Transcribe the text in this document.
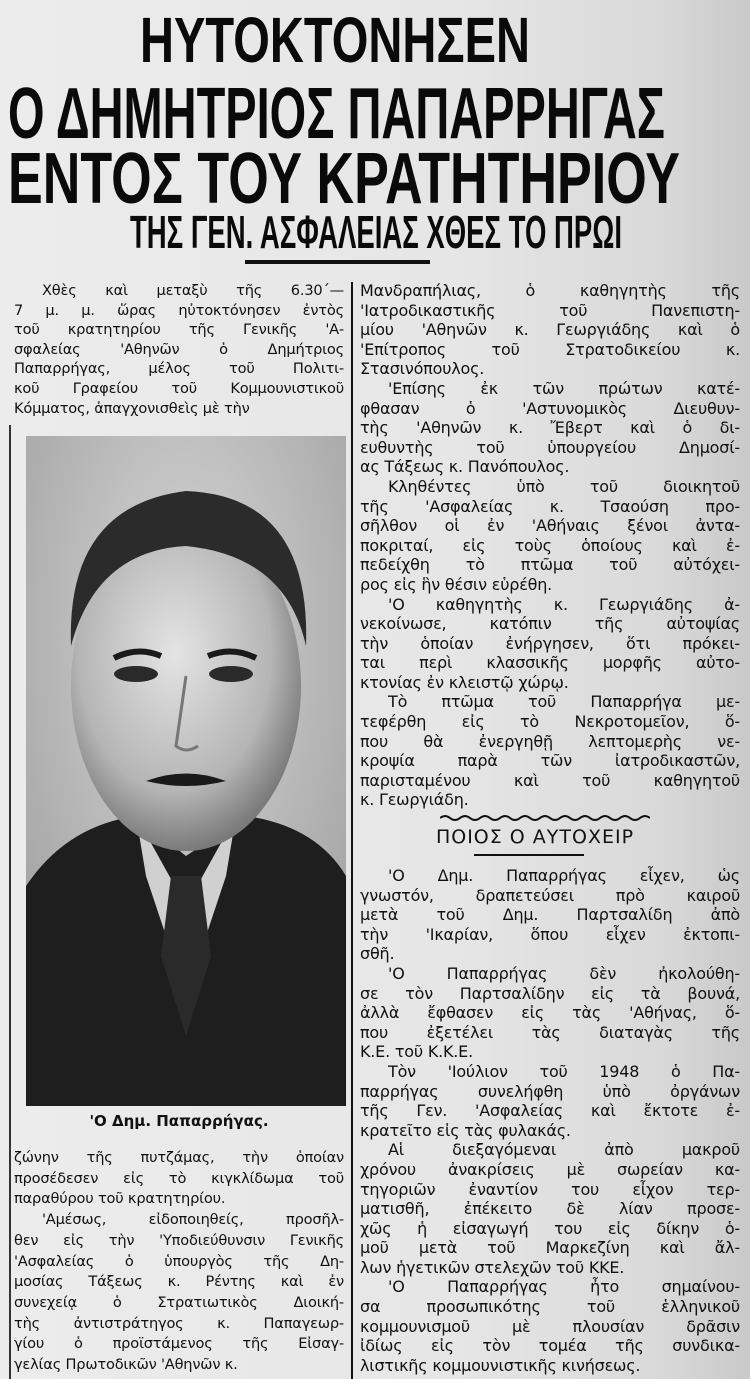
ΗΥΤΟΚΤΟΝΗΣΕΝ
Ο ΔΗΜΗΤΡΙΟΣ ΠΑΠΑΡΡΗΓΑΣ
ΕΝΤΟΣ ΤΟΥ ΚΡΑΤΗΤΗΡΙΟΥ
ΤΗΣ ΓΕΝ. ΑΣΦΑΛΕΙΑΣ ΧΘΕΣ ΤΟ ΠΡΩΙ
Χθὲς καὶ μεταξὺ τῆς 6.30΄—
7 μ. μ. ὥρας ηὐτοκτόνησεν ἐντὸς
τοῦ κρατητηρίου τῆς Γενικῆς 'Α-
σφαλείας 'Αθηνῶν ὁ Δημήτριος
Παπαρρήγας, μέλος τοῦ Πολιτι-
κοῦ Γραφείου τοῦ Κομμουνιστικοῦ
Κόμματος, ἀπαγχονισθεὶς μὲ τὴν
'Ο Δημ. Παπαρρήγας.
ζώνην τῆς πυτζάμας, τὴν ὁποίαν
προσέδεσεν εἰς τὸ κιγκλίδωμα τοῦ
παραθύρου τοῦ κρατητηρίου.
'Αμέσως, εἰδοποιηθείς, προσῆλ-
θεν εἰς τὴν 'Υποδιεύθυνσιν Γενικῆς
'Ασφαλείας ὁ ὑπουργὸς τῆς Δη-
μοσίας Τάξεως κ. Ρέντης καὶ ἐν
συνεχείᾳ ὁ Στρατιωτικὸς Διοική-
τὴς ἀντιστράτηγος κ. Παπαγεωρ-
γίου ὁ προϊστάμενος τῆς Εἰσαγ-
γελίας Πρωτοδικῶν 'Αθηνῶν κ.
Μανδραπήλιας, ὁ καθηγητὴς τῆς
'Ιατροδικαστικῆς τοῦ Πανεπιστη-
μίου 'Αθηνῶν κ. Γεωργιάδης καὶ ὁ
'Επίτροπος τοῦ Στρατοδικείου κ.
Στασινόπουλος.
'Επίσης ἐκ τῶν πρώτων κατέ-
φθασαν ὁ 'Αστυνομικὸς Διευθυν-
τὴς 'Αθηνῶν κ. Ἔβερτ καὶ ὁ δι-
ευθυντὴς τοῦ ὑπουργείου Δημοσί-
ας Τάξεως κ. Πανόπουλος.
Κληθέντες ὑπὸ τοῦ διοικητοῦ
τῆς 'Ασφαλείας κ. Τσαούση προ-
σῆλθον οἱ ἐν 'Αθήναις ξένοι ἀντα-
ποκριταί, εἰς τοὺς ὁποίους καὶ ἐ-
πεδείχθη τὸ πτῶμα τοῦ αὐτόχει-
ρος εἰς ἣν θέσιν εὑρέθη.
'Ο καθηγητὴς κ. Γεωργιάδης ἀ-
νεκοίνωσε, κατόπιν τῆς αὐτοψίας
τὴν ὁποίαν ἐνήργησεν, ὅτι πρόκει-
ται περὶ κλασσικῆς μορφῆς αὐτο-
κτονίας ἐν κλειστῷ χώρῳ.
Τὸ πτῶμα τοῦ Παπαρρήγα με-
τεφέρθη εἰς τὸ Νεκροτομεῖον, ὅ-
που θὰ ἐνεργηθῇ λεπτομερὴς νε-
κροψία παρὰ τῶν ἰατροδικαστῶν,
παρισταμένου καὶ τοῦ καθηγητοῦ
κ. Γεωργιάδη.
ΠΟΙΟΣ Ο ΑΥΤΟΧΕΙΡ
'Ο Δημ. Παπαρρήγας εἶχεν, ὡς
γνωστόν, δραπετεύσει πρὸ καιροῦ
μετὰ τοῦ Δημ. Παρτσαλίδη ἀπὸ
τὴν 'Ικαρίαν, ὅπου εἶχεν ἐκτοπι-
σθῆ.
'Ο Παπαρρήγας δὲν ἠκολούθη-
σε τὸν Παρτσαλίδην εἰς τὰ βουνά,
ἀλλὰ ἔφθασεν εἰς τὰς 'Αθήνας, ὅ-
που ἐξετέλει τὰς διαταγὰς τῆς
Κ.Ε. τοῦ Κ.Κ.Ε.
Τὸν 'Ιούλιον τοῦ 1948 ὁ Πα-
παρρήγας συνελήφθη ὑπὸ ὀργάνων
τῆς Γεν. 'Ασφαλείας καὶ ἔκτοτε ἐ-
κρατεῖτο εἰς τὰς φυλακάς.
Αἱ διεξαγόμεναι ἀπὸ μακροῦ
χρόνου ἀνακρίσεις μὲ σωρείαν κα-
τηγοριῶν ἐναντίον του εἶχον τερ-
ματισθῆ, ἐπέκειτο δὲ λίαν προσε-
χῶς ἡ εἰσαγωγή του εἰς δίκην ὁ-
μοῦ μετὰ τοῦ Μαρκεζίνη καὶ ἄλ-
λων ἡγετικῶν στελεχῶν τοῦ ΚΚΕ.
'Ο Παπαρρήγας ἦτο σημαίνου-
σα προσωπικότης τοῦ ἑλληνικοῦ
κομμουνισμοῦ μὲ πλουσίαν δρᾶσιν
ἰδίως εἰς τὸν τομέα τῆς συνδικα-
λιστικῆς κομμουνιστικῆς κινήσεως.
